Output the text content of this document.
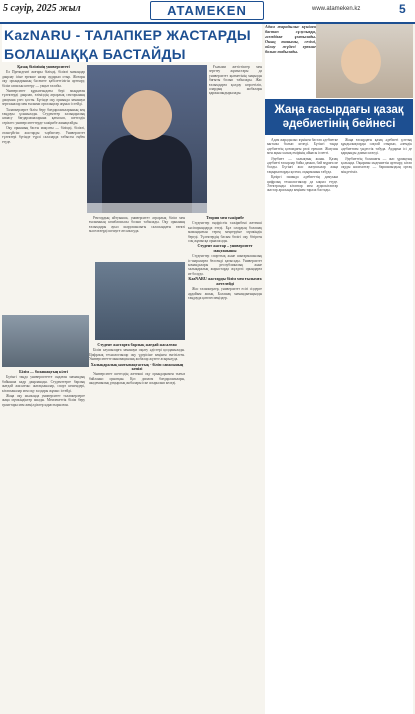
5 сәуір, 2025 жыл	ATAMEKEN	www.atameken.kz	5
KazNARU - ТАЛАПКЕР ЖАСТАРДЫ
БОЛАШАҚҚА БАСТАЙДЫ

Қазақ білімінің университеті

Ел Президенті жоғары білімді, білікті мамандар даярлау ісіне ерекше назар аударып отыр. Жоғары оқу орындарының бәсекеге қабілеттілігін арттыру, білім сапасын көтеру — уақыт талабы.

Университет құрылғандағы бері мыңдаған түлектерді даярлап, еліміздің аграрлық секторының дамуына үлес қосты. Бүгінде оқу орнында заманауи зертханалар мен ғылыми орталықтар жұмыс істейді.

Талапкерлерге білім беру бағдарламаларының кең таңдауы ұсынылады. Студенттер халықаралық алмасу бағдарламаларына қатысып, шетелдік серіктес университеттерде тәжірибе жинақтайды.

Оқу орнының басты мақсаты — білімді, білікті, отансүйгіш жастарды тәрбиелеу. Университет түлектері бүгінде түрлі салаларда табысты еңбек етуде.

Ғылыми жетістіктер мен зерттеу жұмыстары да университет қызметінің маңызды бағыты болып табылады. Жас ғалымдарға қолдау көрсетіліп, олардың жобалары қаржыландырылады.

Білім — болашақтың кілті

Бүгінгі таңда университетте ондаған мамандық бойынша кадр даярланады. Студенттерге барлық жағдай жасалған: жатақханалар, спорт кешендері, кітапханалар мен оқу залдары жұмыс істейді.

Жаңа оқу жылында университет талапкерлерге жаңа мүмкіндіктер ашады. Мемлекеттік білім беру гранттары мен жеңілдіктер қарастырылған.

Ректордың айтуынша, университет аграрлық білім мен ғылымның көшбасшысы болып табылады. Оқу орнының ғалымдары ауыл шаруашылығы саласындағы өзекті мәселелерді шешуге атсалысуда.

Студент жастарға барлық жағдай жасалған

Білім алушыларға заманауи оқыту әдістері қолданылады. Цифрлық технологиялар оқу үдерісіне кеңінен енгізілген. Университетте инновациялық жобалар жүзеге асырылуда.

Халықаралық ынтымақтастық - білім сапасының кепілі

Университет шетелдің жетекші оқу орындарымен тығыз байланыс орнатқан. Қос диплом бағдарламалары, академиялық ұтқырлық жобалары іске асырылып келеді.

Теория мен тәжірибе

Студенттер өндірістік тәжірибені жетекші кәсіпорындарда өтеді. Бұл олардың болашақ мамандығын терең меңгеруіне мүмкіндік береді. Түлектердің басым бөлігі оқу бітірген соң жұмысқа орналасады.

Студент жастар – университет мақтанышы

Студенттер спорттық және шығармашылық іс-шараларға белсенді қатысады. Университет командалары республикалық және халықаралық жарыстарда жүлделі орындарға ие болуда.

KazNARU жастарды білім мен ғылымға жетелейді

Жас талапкерлер, университет есігі сіздерге әрдайым ашық. Болашақ мамандығыңызды таңдауда қателеспеңіздер.

Адам жарадылыс күнінен бастап сұлулыққа, әсемдікке ұмтылады. Оның танымы, сезімі, ойлау жүйесі ерекше болып табылады.
Жаңа ғасырдағы қазақ әдебиетінің бейнесі

Адам жарадылыс күнінен бастап әдебиетке ынталы болып келеді. Бүгінгі таңда әдебиеттің қоғамдағы рөлі ерекше. Жазушы мен ақын халық өмірінің айнасы іспетті.

Әдебиет — халықтың жаны. Қазақ әдебиеті ғасырлар бойы дамып, бай мұраға ие болды. Бүгінгі жас жазушылар жаңа тақырыптарды қозғап, оқырманын табуда.

Қазіргі заманда әдебиеттің дамуына цифрлық технологиялар да ықпал етуде. Электронды кітаптар мен аудиокітаптар жастар арасында кеңінен тарала бастады.

Жаңа ғасырдағы қазақ әдебиеті ұлттық құндылықтарды сақтай отырып, әлемдік әдебиетпен үндестік табуда. Аударма ісі де қарқынды дамып келеді.

Әдебиеттің болашағы — жас ұрпақтың қолында. Оқырман мәдениетін арттыру, кітап оқуды насихаттау — баршамыздың ортақ міндетіміз.
